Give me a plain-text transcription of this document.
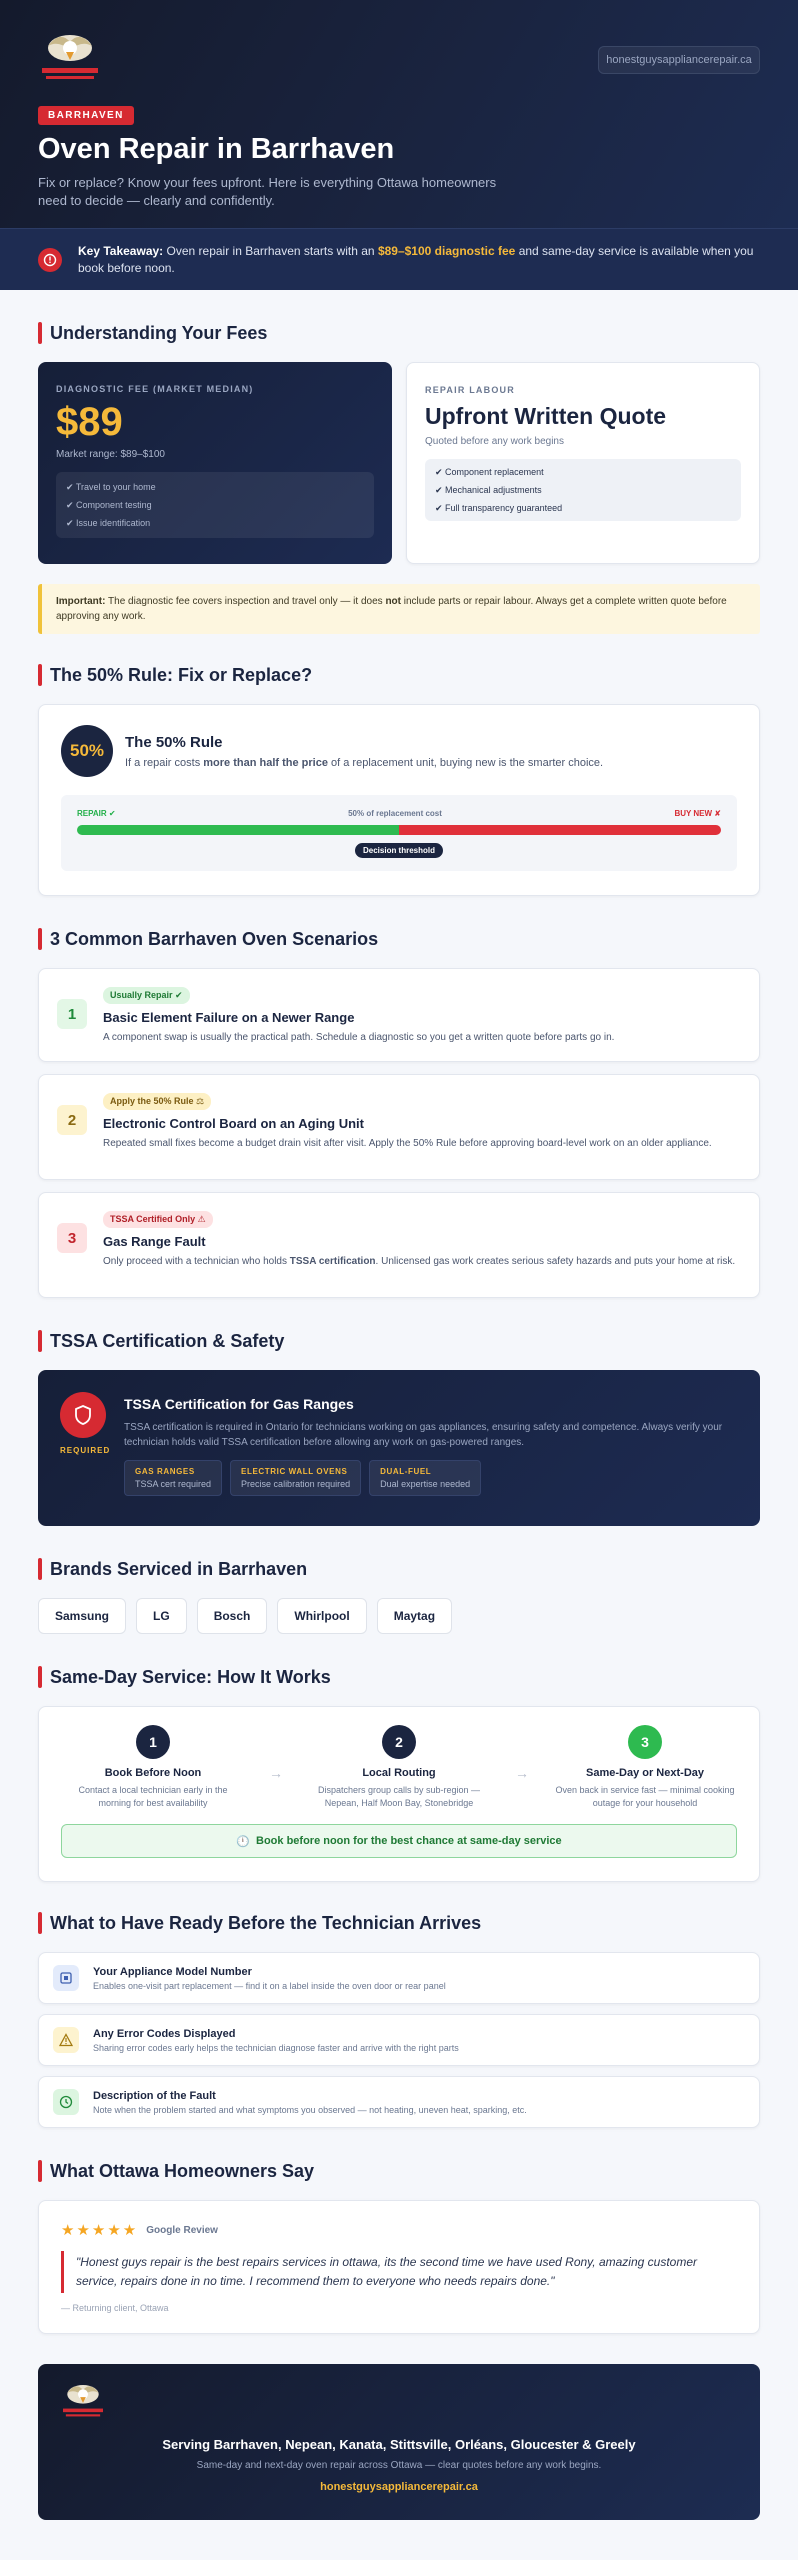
honestguysappliancerepair.ca
BARRHAVEN
Oven Repair in Barrhaven

Fix or replace? Know your fees upfront. Here is everything Ottawa homeowners need to decide — clearly and confidently.

Key Takeaway: Oven repair in Barrhaven starts with an $89–$100 diagnostic fee and same-day service is available when you book before noon.

Understanding Your Fees
DIAGNOSTIC FEE (MARKET MEDIAN)
$89
Market range: $89–$100
✔ Travel to your home
✔ Component testing
✔ Issue identification
REPAIR LABOUR
Upfront Written Quote
Quoted before any work begins
✔ Component replacement
✔ Mechanical adjustments
✔ Full transparency guaranteed
Important: The diagnostic fee covers inspection and travel only — it does not include parts or repair labour. Always get a complete written quote before approving any work.
The 50% Rule: Fix or Replace?
50%	The 50% Rule
If a repair costs more than half the price of a replacement unit, buying new is the smarter choice.
REPAIR ✔	50% of replacement cost	BUY NEW ✘
Decision threshold
3 Common Barrhaven Oven Scenarios
1
Usually Repair ✔
Basic Element Failure on a Newer Range
A component swap is usually the practical path. Schedule a diagnostic so you get a written quote before parts go in.
2
Apply the 50% Rule ⚖
Electronic Control Board on an Aging Unit
Repeated small fixes become a budget drain visit after visit. Apply the 50% Rule before approving board-level work on an older appliance.
3
TSSA Certified Only ⚠
Gas Range Fault
Only proceed with a technician who holds TSSA certification. Unlicensed gas work creates serious safety hazards and puts your home at risk.
TSSA Certification & Safety
REQUIRED
TSSA Certification for Gas Ranges

TSSA certification is required in Ontario for technicians working on gas appliances, ensuring safety and competence. Always verify your technician holds valid TSSA certification before allowing any work on gas-powered ranges.

GAS RANGES
TSSA cert required
ELECTRIC WALL OVENS
Precise calibration required
DUAL-FUEL
Dual expertise needed
Brands Serviced in Barrhaven
Samsung	LG	Bosch	Whirlpool	Maytag
Same-Day Service: How It Works
1
Book Before Noon
Contact a local technician early in the morning for best availability
→
2
Local Routing
Dispatchers group calls by sub-region — Nepean, Half Moon Bay, Stonebridge
→
3
Same-Day or Next-Day
Oven back in service fast — minimal cooking outage for your household
🕛 Book before noon for the best chance at same-day service
What to Have Ready Before the Technician Arrives
Your Appliance Model Number
Enables one-visit part replacement — find it on a label inside the oven door or rear panel
Any Error Codes Displayed
Sharing error codes early helps the technician diagnose faster and arrive with the right parts
Description of the Fault
Note when the problem started and what symptoms you observed — not heating, uneven heat, sparking, etc.
What Ottawa Homeowners Say
★★★★★ Google Review
"Honest guys repair is the best repairs services in ottawa, its the second time we have used Rony, amazing customer service, repairs done in no time. I recommend them to everyone who needs repairs done."
— Returning client, Ottawa
Serving Barrhaven, Nepean, Kanata, Stittsville, Orléans, Gloucester & Greely
Same-day and next-day oven repair across Ottawa — clear quotes before any work begins.
honestguysappliancerepair.ca
